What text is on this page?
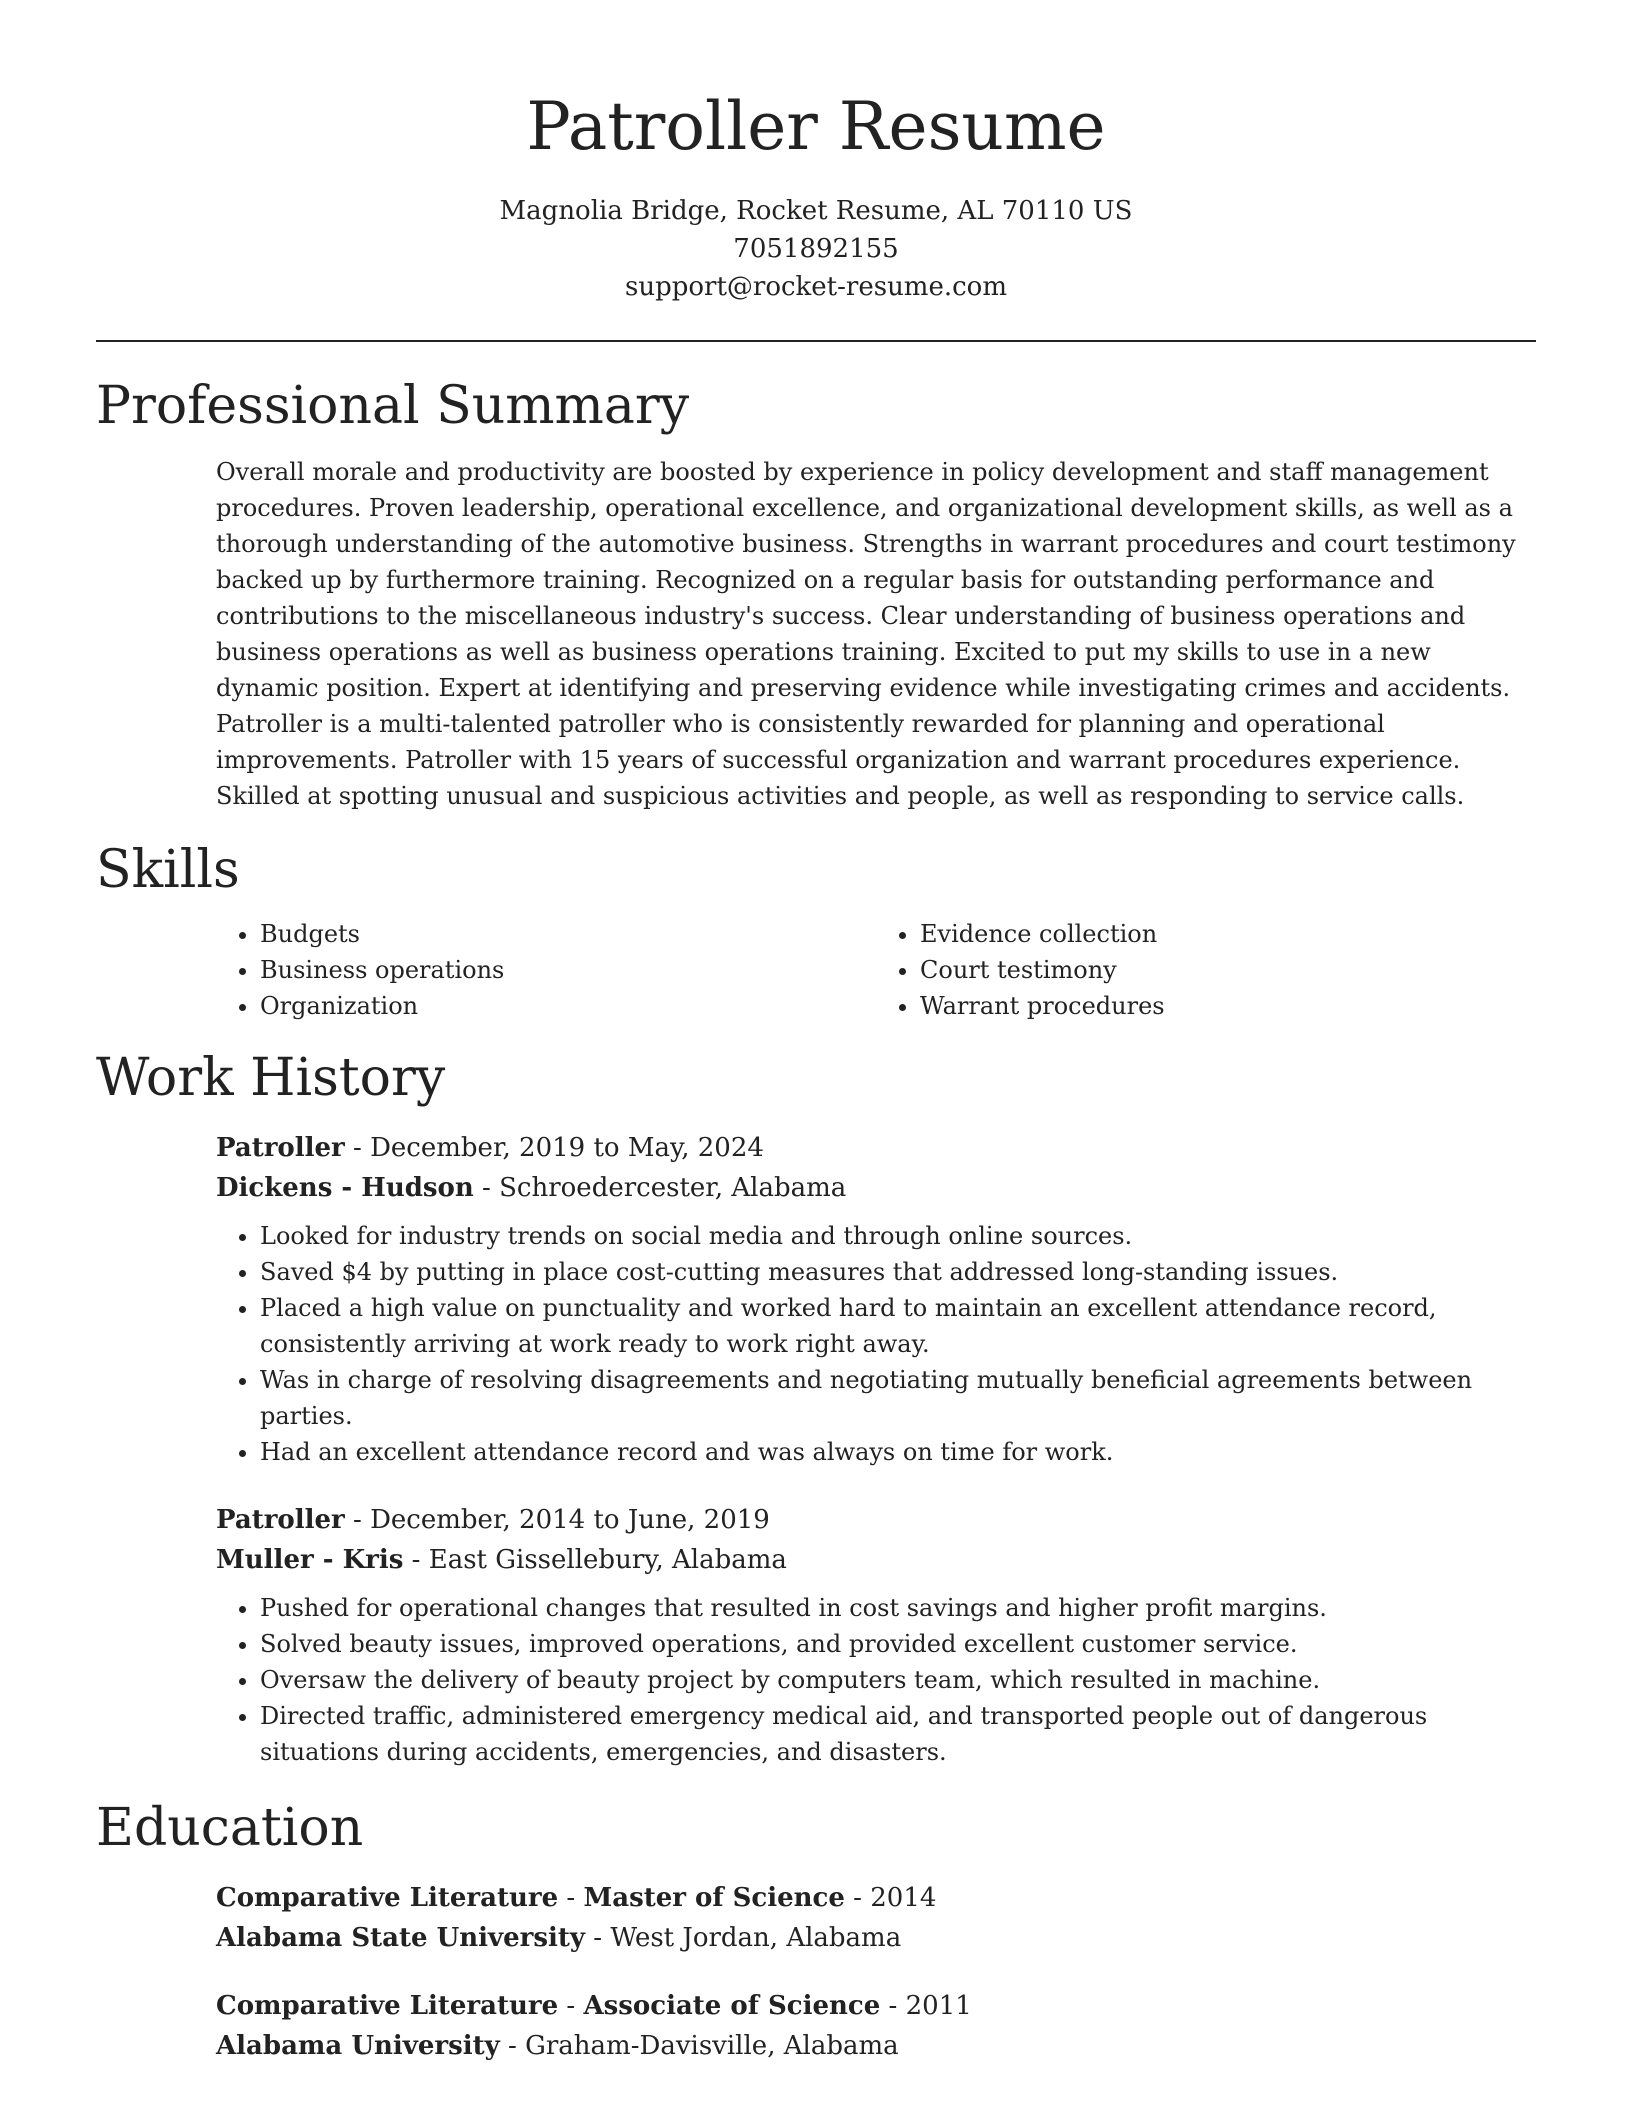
Patroller Resume
Magnolia Bridge, Rocket Resume, AL 70110 US
7051892155
support@rocket-resume.com
Professional Summary
Overall morale and productivity are boosted by experience in policy development and staff management procedures. Proven leadership, operational excellence, and organizational development skills, as well as a thorough understanding of the automotive business. Strengths in warrant procedures and court testimony backed up by furthermore training. Recognized on a regular basis for outstanding performance and contributions to the miscellaneous industry's success. Clear understanding of business operations and business operations as well as business operations training. Excited to put my skills to use in a new dynamic position. Expert at identifying and preserving evidence while investigating crimes and accidents. Patroller is a multi-talented patroller who is consistently rewarded for planning and operational improvements. Patroller with 15 years of successful organization and warrant procedures experience. Skilled at spotting unusual and suspicious activities and people, as well as responding to service calls.
Skills
• Budgets
• Business operations
• Organization
• Evidence collection
• Court testimony
• Warrant procedures
Work History
Patroller - December, 2019 to May, 2024
Dickens - Hudson - Schroedercester, Alabama
• Looked for industry trends on social media and through online sources.
• Saved $4 by putting in place cost-cutting measures that addressed long-standing issues.
• Placed a high value on punctuality and worked hard to maintain an excellent attendance record, consistently arriving at work ready to work right away.
• Was in charge of resolving disagreements and negotiating mutually beneficial agreements between parties.
• Had an excellent attendance record and was always on time for work.
Patroller - December, 2014 to June, 2019
Muller - Kris - East Gissellebury, Alabama
• Pushed for operational changes that resulted in cost savings and higher profit margins.
• Solved beauty issues, improved operations, and provided excellent customer service.
• Oversaw the delivery of beauty project by computers team, which resulted in machine.
• Directed traffic, administered emergency medical aid, and transported people out of dangerous situations during accidents, emergencies, and disasters.
Education
Comparative Literature - Master of Science - 2014
Alabama State University - West Jordan, Alabama
Comparative Literature - Associate of Science - 2011
Alabama University - Graham-Davisville, Alabama
